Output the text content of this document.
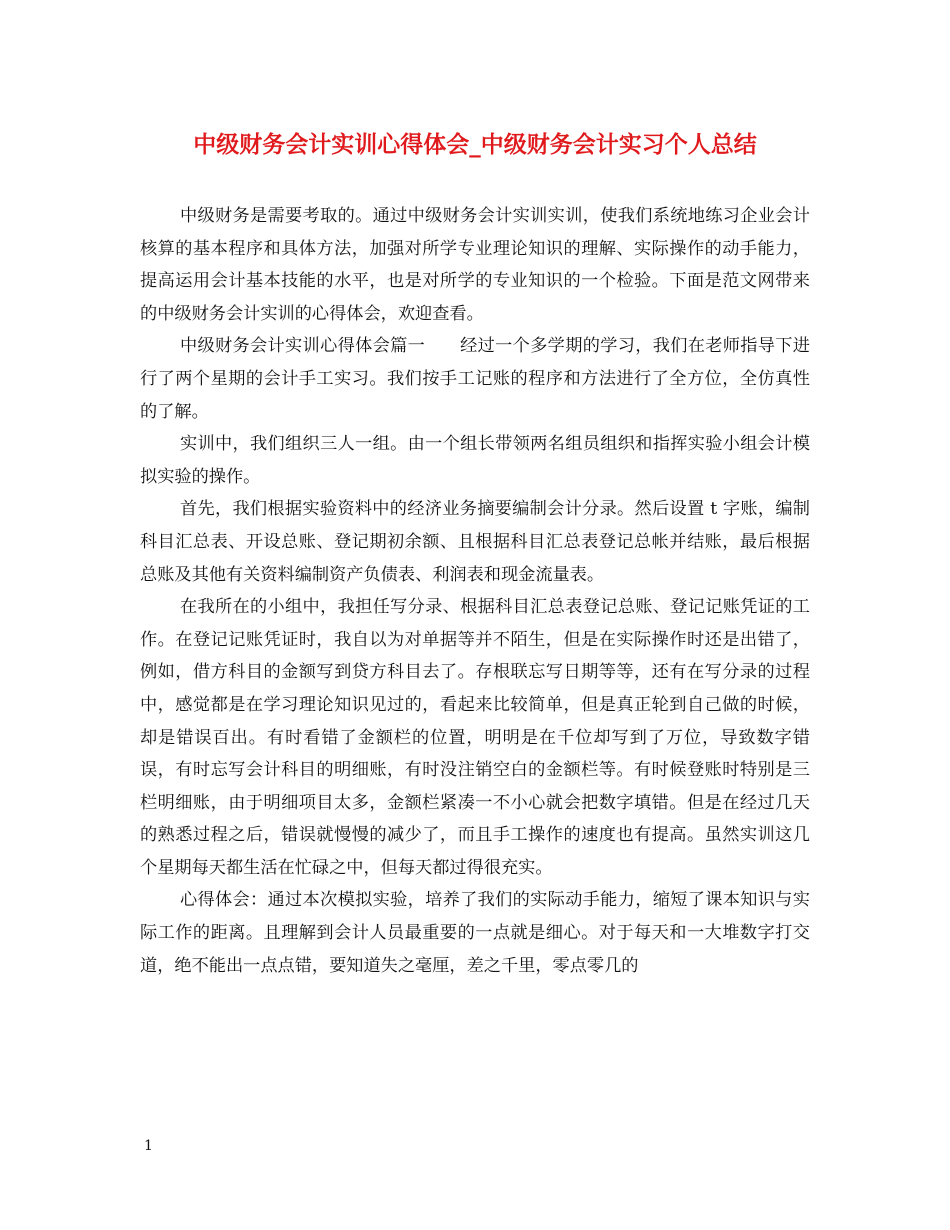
中级财务会计实训心得体会_中级财务会计实习个人总结

中级财务是需要考取的。通过中级财务会计实训实训，使我们系统地练习企业会计核算的基本程序和具体方法，加强对所学专业理论知识的理解、实际操作的动手能力，提高运用会计基本技能的水平，也是对所学的专业知识的一个检验。下面是范文网带来的中级财务会计实训的心得体会，欢迎查看。

中级财务会计实训心得体会篇一　　经过一个多学期的学习，我们在老师指导下进行了两个星期的会计手工实习。我们按手工记账的程序和方法进行了全方位，全仿真性的了解。

实训中，我们组织三人一组。由一个组长带领两名组员组织和指挥实验小组会计模拟实验的操作。

首先，我们根据实验资料中的经济业务摘要编制会计分录。然后设置 t 字账，编制科目汇总表、开设总账、登记期初余额、且根据科目汇总表登记总帐并结账，最后根据总账及其他有关资料编制资产负债表、利润表和现金流量表。

在我所在的小组中，我担任写分录、根据科目汇总表登记总账、登记记账凭证的工作。在登记记账凭证时，我自以为对单据等并不陌生，但是在实际操作时还是出错了，例如，借方科目的金额写到贷方科目去了。存根联忘写日期等等，还有在写分录的过程中，感觉都是在学习理论知识见过的，看起来比较简单，但是真正轮到自己做的时候，却是错误百出。有时看错了金额栏的位置，明明是在千位却写到了万位，导致数字错误，有时忘写会计科目的明细账，有时没注销空白的金额栏等。有时候登账时特别是三栏明细账，由于明细项目太多，金额栏紧凑一不小心就会把数字填错。但是在经过几天的熟悉过程之后，错误就慢慢的减少了，而且手工操作的速度也有提高。虽然实训这几个星期每天都生活在忙碌之中，但每天都过得很充实。

心得体会：通过本次模拟实验，培养了我们的实际动手能力，缩短了课本知识与实际工作的距离。且理解到会计人员最重要的一点就是细心。对于每天和一大堆数字打交道，绝不能出一点点错，要知道失之毫厘，差之千里，零点零几的

1
